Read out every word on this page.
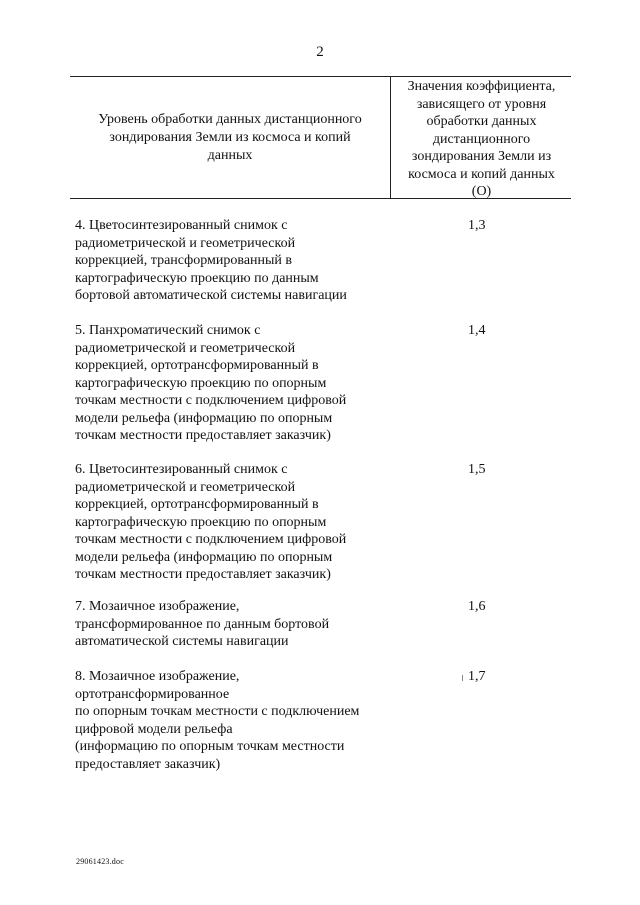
2
Уровень обработки данных дистанционного
зондирования Земли из космоса и копий
данных
Значения коэффициента,
зависящего от уровня
обработки данных
дистанционного
зондирования Земли из
космоса и копий данных
(О)
4. Цветосинтезированный снимок с
радиометрической и геометрической
коррекцией, трансформированный в
картографическую проекцию по данным
бортовой автоматической системы навигации
1,3
5. Панхроматический снимок с
радиометрической и геометрической
коррекцией, ортотрансформированный в
картографическую проекцию по опорным
точкам местности с подключением цифровой
модели рельефа (информацию по опорным
точкам местности предоставляет заказчик)
1,4
6. Цветосинтезированный снимок с
радиометрической и геометрической
коррекцией, ортотрансформированный в
картографическую проекцию по опорным
точкам местности с подключением цифровой
модели рельефа (информацию по опорным
точкам местности предоставляет заказчик)
1,5
7. Мозаичное изображение,
трансформированное по данным бортовой
автоматической системы навигации
1,6
8. Мозаичное изображение,
ортотрансформированное
по опорным точкам местности с подключением
цифровой модели рельефа
(информацию по опорным точкам местности
предоставляет заказчик)
1,7
29061423.doc
